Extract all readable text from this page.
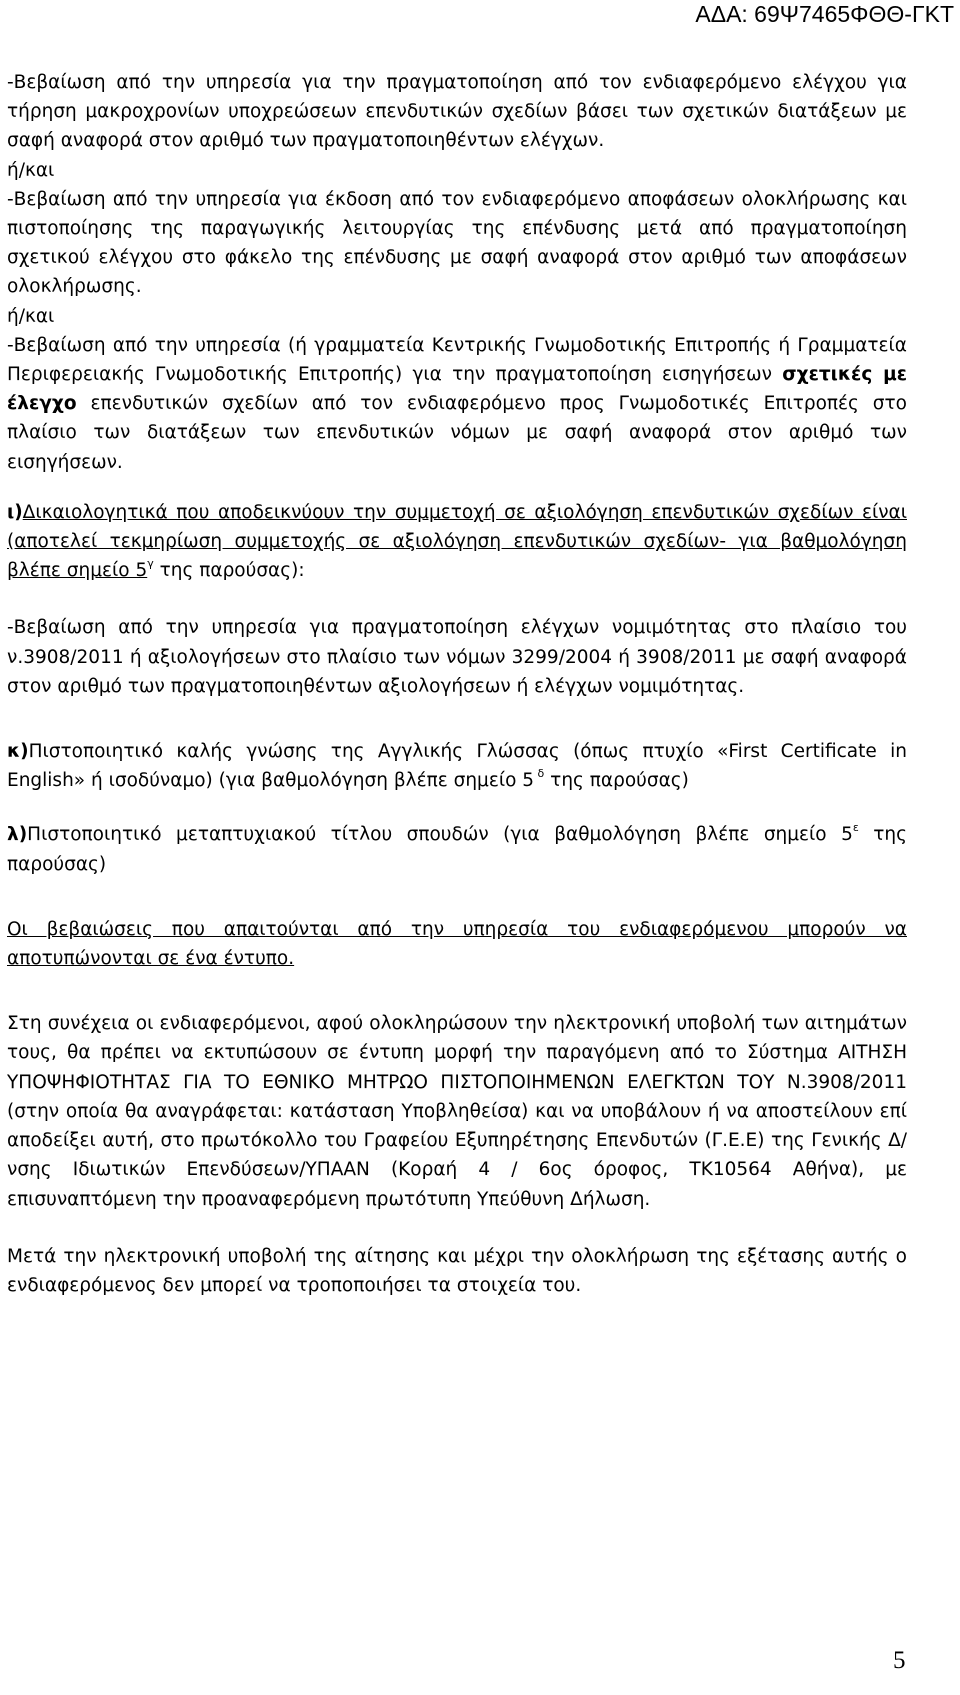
ΑΔΑ: 69Ψ7465ΦΘΘ-ΓΚΤ

-Βεβαίωση από την υπηρεσία για την πραγματοποίηση από τον ενδιαφερόμενο ελέγχου για τήρηση μακροχρονίων υποχρεώσεων επενδυτικών σχεδίων βάσει των σχετικών διατάξεων με σαφή αναφορά στον αριθμό των πραγματοποιηθέντων ελέγχων.

ή/και

-Βεβαίωση από την υπηρεσία για έκδοση από τον ενδιαφερόμενο αποφάσεων ολοκλήρωσης και πιστοποίησης της παραγωγικής λειτουργίας της επένδυσης μετά από πραγματοποίηση σχετικού ελέγχου στο φάκελο της επένδυσης με σαφή αναφορά στον αριθμό των αποφάσεων ολοκλήρωσης.

ή/και

-Βεβαίωση από την υπηρεσία (ή γραμματεία Κεντρικής Γνωμοδοτικής Επιτροπής ή Γραμματεία Περιφερειακής Γνωμοδοτικής Επιτροπής) για την πραγματοποίηση εισηγήσεων σχετικές με έλεγχο επενδυτικών σχεδίων από τον ενδιαφερόμενο προς Γνωμοδοτικές Επιτροπές στο πλαίσιο των διατάξεων των επενδυτικών νόμων με σαφή αναφορά στον αριθμό των εισηγήσεων.

ι)Δικαιολογητικά που αποδεικνύουν την συμμετοχή σε αξιολόγηση επενδυτικών σχεδίων είναι (αποτελεί τεκμηρίωση συμμετοχής σε αξιολόγηση επενδυτικών σχεδίων- για βαθμολόγηση βλέπε σημείο $5^\gamma$ της παρούσας):

-Βεβαίωση από την υπηρεσία για πραγματοποίηση ελέγχων νομιμότητας στο πλαίσιο του ν.3908/2011 ή αξιολογήσεων στο πλαίσιο των νόμων 3299/2004 ή 3908/2011 με σαφή αναφορά στον αριθμό των πραγματοποιηθέντων αξιολογήσεων ή ελέγχων νομιμότητας.

κ)Πιστοποιητικό καλής γνώσης της Αγγλικής Γλώσσας (όπως πτυχίο «First Certificate in English» ή ισοδύναμο) (για βαθμολόγηση βλέπε σημείο 5 $^\delta$ της παρούσας)

λ)Πιστοποιητικό μεταπτυχιακού τίτλου σπουδών (για βαθμολόγηση βλέπε σημείο $5^\varepsilon$ της παρούσας)

Οι βεβαιώσεις που απαιτούνται από την υπηρεσία του ενδιαφερόμενου μπορούν να αποτυπώνονται σε ένα έντυπο.

Στη συνέχεια οι ενδιαφερόμενοι, αφού ολοκληρώσουν την ηλεκτρονική υποβολή των αιτημάτων τους, θα πρέπει να εκτυπώσουν σε έντυπη μορφή την παραγόμενη από το Σύστημα ΑΙΤΗΣΗ ΥΠΟΨΗΦΙΟΤΗΤΑΣ ΓΙΑ ΤΟ ΕΘΝΙΚΟ ΜΗΤΡΩΟ ΠΙΣΤΟΠΟΙΗΜΕΝΩΝ ΕΛΕΓΚΤΩΝ ΤΟΥ Ν.3908/2011 (στην οποία θα αναγράφεται: κατάσταση Υποβληθείσα) και να υποβάλουν ή να αποστείλουν επί αποδείξει αυτή, στο πρωτόκολλο του Γραφείου Εξυπηρέτησης Επενδυτών (Γ.Ε.Ε) της Γενικής Δ/νσης Ιδιωτικών Επενδύσεων/ΥΠΑΑΝ (Κοραή 4 / 6ος όροφος, ΤΚ10564 Αθήνα), με επισυναπτόμενη την προαναφερόμενη πρωτότυπη Υπεύθυνη Δήλωση.

Μετά την ηλεκτρονική υποβολή της αίτησης και μέχρι την ολοκλήρωση της εξέτασης αυτής ο ενδιαφερόμενος δεν μπορεί να τροποποιήσει τα στοιχεία του.

5
